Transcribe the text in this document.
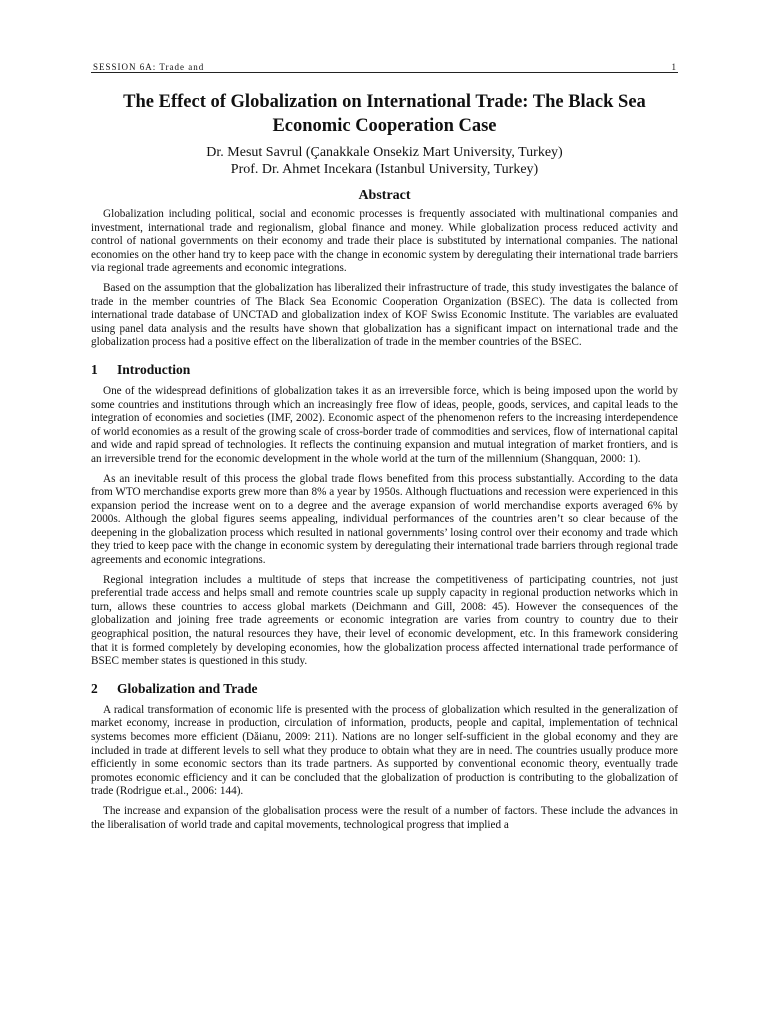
SESSION 6A: Trade and	1
The Effect of Globalization on International Trade: The Black Sea Economic Cooperation Case
Dr. Mesut Savrul (Çanakkale Onsekiz Mart University, Turkey)
Prof. Dr. Ahmet Incekara (Istanbul University, Turkey)
Abstract

Globalization including political, social and economic processes is frequently associated with multinational companies and investment, international trade and regionalism, global finance and money. While globalization process reduced activity and control of national governments on their economy and trade their place is substituted by international companies. The national economies on the other hand try to keep pace with the change in economic system by deregulating their international trade barriers via regional trade agreements and economic integrations.

Based on the assumption that the globalization has liberalized their infrastructure of trade, this study investigates the balance of trade in the member countries of The Black Sea Economic Cooperation Organization (BSEC). The data is collected from international trade database of UNCTAD and globalization index of KOF Swiss Economic Institute. The variables are evaluated using panel data analysis and the results have shown that globalization has a significant impact on international trade and the globalization process had a positive effect on the liberalization of trade in the member countries of the BSEC.

1	Introduction

One of the widespread definitions of globalization takes it as an irreversible force, which is being imposed upon the world by some countries and institutions through which an increasingly free flow of ideas, people, goods, services, and capital leads to the integration of economies and societies (IMF, 2002). Economic aspect of the phenomenon refers to the increasing interdependence of world economies as a result of the growing scale of cross-border trade of commodities and services, flow of international capital and wide and rapid spread of technologies. It reflects the continuing expansion and mutual integration of market frontiers, and is an irreversible trend for the economic development in the whole world at the turn of the millennium (Shangquan, 2000: 1).

As an inevitable result of this process the global trade flows benefited from this process substantially. According to the data from WTO merchandise exports grew more than 8% a year by 1950s. Although fluctuations and recession were experienced in this expansion period the increase went on to a degree and the average expansion of world merchandise exports averaged 6% by 2000s. Although the global figures seems appealing, individual performances of the countries aren’t so clear because of the deepening in the globalization process which resulted in national governments’ losing control over their economy and trade which they tried to keep pace with the change in economic system by deregulating their international trade barriers through regional trade agreements and economic integrations.

Regional integration includes a multitude of steps that increase the competitiveness of participating countries, not just preferential trade access and helps small and remote countries scale up supply capacity in regional production networks which in turn, allows these countries to access global markets (Deichmann and Gill, 2008: 45). However the consequences of the globalization and joining free trade agreements or economic integration are varies from country to country due to their geographical position, the natural resources they have, their level of economic development, etc. In this framework considering that it is formed completely by developing economies, how the globalization process affected international trade performance of BSEC member states is questioned in this study.

2	Globalization and Trade

A radical transformation of economic life is presented with the process of globalization which resulted in the generalization of market economy, increase in production, circulation of information, products, people and capital, implementation of technical systems becomes more efficient (Dăianu, 2009: 211). Nations are no longer self-sufficient in the global economy and they are included in trade at different levels to sell what they produce to obtain what they are in need. The countries usually produce more efficiently in some economic sectors than its trade partners. As supported by conventional economic theory, eventually trade promotes economic efficiency and it can be concluded that the globalization of production is contributing to the globalization of trade (Rodrigue et.al., 2006: 144).

The increase and expansion of the globalisation process were the result of a number of factors. These include the advances in the liberalisation of world trade and capital movements, technological progress that implied a
